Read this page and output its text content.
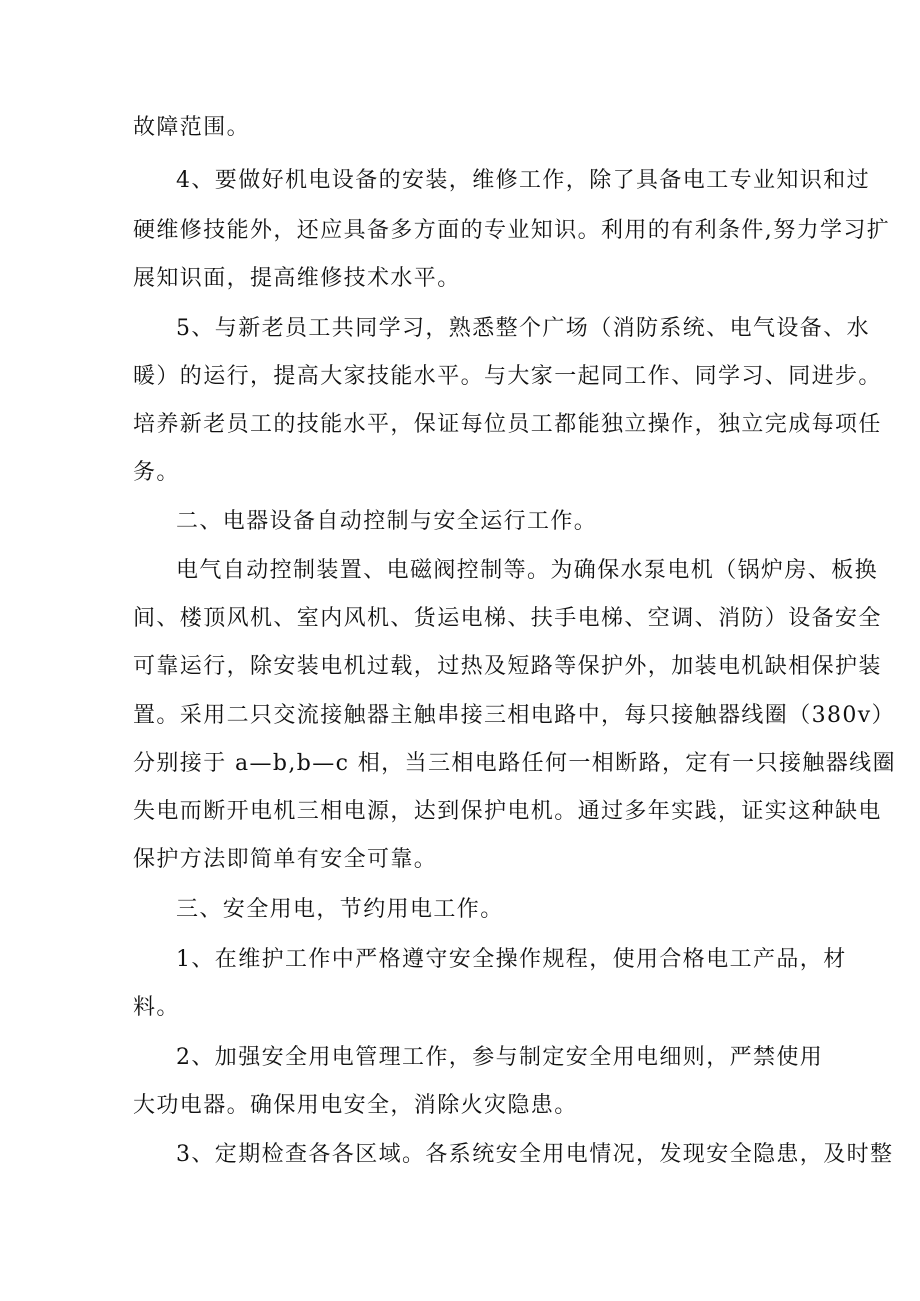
故障范围。
4、要做好机电设备的安装，维修工作，除了具备电工专业知识和过
硬维修技能外，还应具备多方面的专业知识。利用的有利条件,努力学习扩
展知识面，提高维修技术水平。
5、与新老员工共同学习，熟悉整个广场（消防系统、电气设备、水
暖）的运行，提高大家技能水平。与大家一起同工作、同学习、同进步。
培养新老员工的技能水平，保证每位员工都能独立操作，独立完成每项任
务。
二、电器设备自动控制与安全运行工作。
电气自动控制装置、电磁阀控制等。为确保水泵电机（锅炉房、板换
间、楼顶风机、室内风机、货运电梯、扶手电梯、空调、消防）设备安全
可靠运行，除安装电机过载，过热及短路等保护外，加装电机缺相保护装
置。采用二只交流接触器主触串接三相电路中，每只接触器线圈（380v）
分别接于 a—b,b—c 相，当三相电路任何一相断路，定有一只接触器线圈
失电而断开电机三相电源，达到保护电机。通过多年实践，证实这种缺电
保护方法即简单有安全可靠。
三、安全用电，节约用电工作。
1、在维护工作中严格遵守安全操作规程，使用合格电工产品，材
料。
2、加强安全用电管理工作，参与制定安全用电细则，严禁使用
大功电器。确保用电安全，消除火灾隐患。
3、定期检查各各区域。各系统安全用电情况，发现安全隐患，及时整
